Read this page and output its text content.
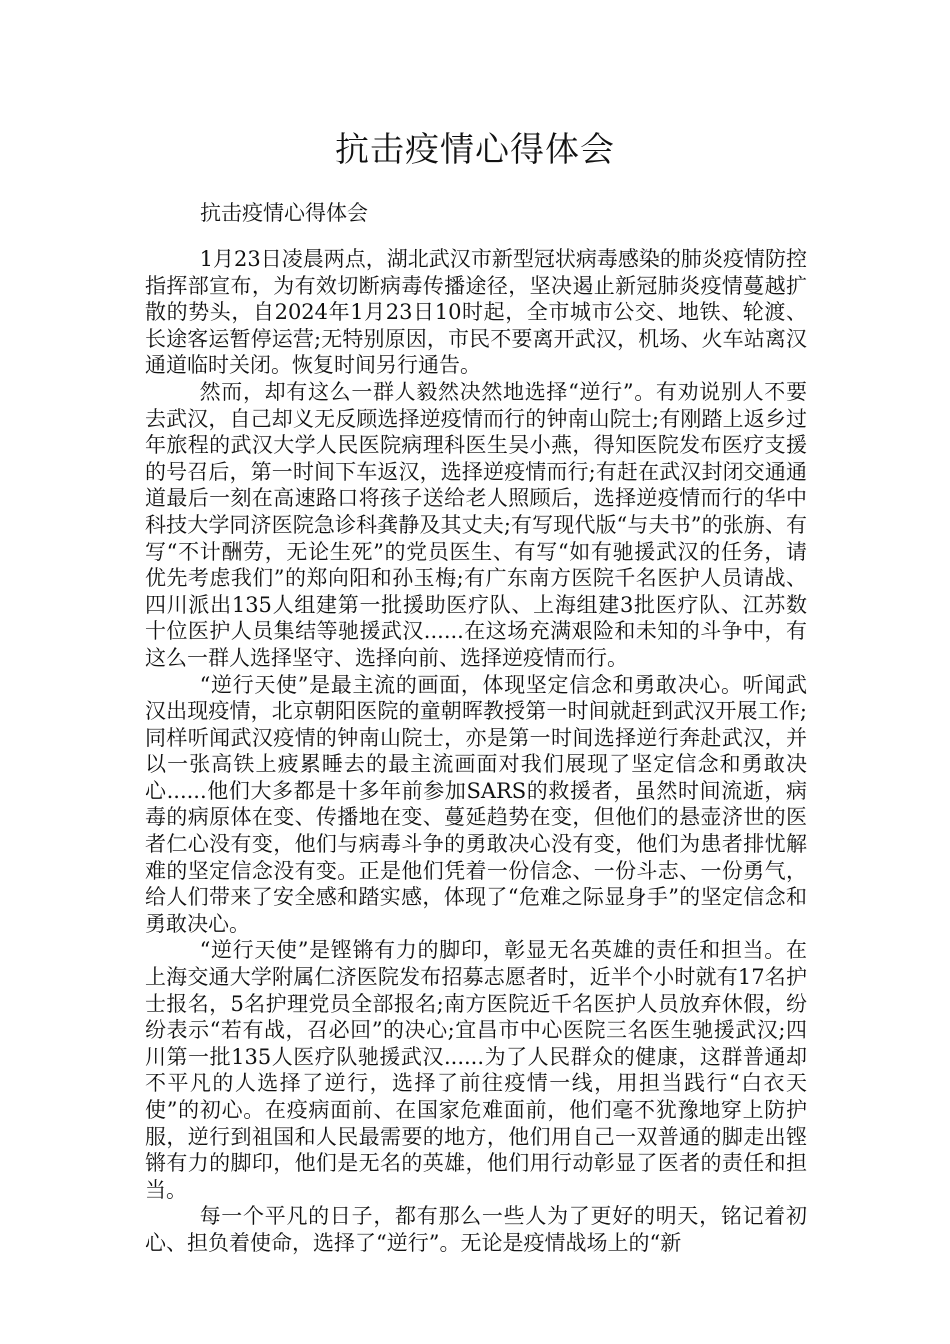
抗击疫情心得体会

抗击疫情心得体会

1月23日凌晨两点，湖北武汉市新型冠状病毒感染的肺炎疫情防控指挥部宣布，为有效切断病毒传播途径，坚决遏止新冠肺炎疫情蔓越扩散的势头，自2024年1月23日10时起，全市城市公交、地铁、轮渡、长途客运暂停运营;无特别原因，市民不要离开武汉，机场、火车站离汉通道临时关闭。恢复时间另行通告。

然而，却有这么一群人毅然决然地选择“逆行”。有劝说别人不要去武汉，自己却义无反顾选择逆疫情而行的钟南山院士;有刚踏上返乡过年旅程的武汉大学人民医院病理科医生吴小燕，得知医院发布医疗支援的号召后，第一时间下车返汉，选择逆疫情而行;有赶在武汉封闭交通通道最后一刻在高速路口将孩子送给老人照顾后，选择逆疫情而行的华中科技大学同济医院急诊科龚静及其丈夫;有写现代版“与夫书”的张旃、有写“不计酬劳，无论生死”的党员医生、有写“如有驰援武汉的任务，请优先考虑我们”的郑向阳和孙玉梅;有广东南方医院千名医护人员请战、四川派出135人组建第一批援助医疗队、上海组建3批医疗队、江苏数十位医护人员集结等驰援武汉......在这场充满艰险和未知的斗争中，有这么一群人选择坚守、选择向前、选择逆疫情而行。

“逆行天使”是最主流的画面，体现坚定信念和勇敢决心。听闻武汉出现疫情，北京朝阳医院的童朝晖教授第一时间就赶到武汉开展工作;同样听闻武汉疫情的钟南山院士，亦是第一时间选择逆行奔赴武汉，并以一张高铁上疲累睡去的最主流画面对我们展现了坚定信念和勇敢决心......他们大多都是十多年前参加SARS的救援者，虽然时间流逝，病毒的病原体在变、传播地在变、蔓延趋势在变，但他们的悬壶济世的医者仁心没有变，他们与病毒斗争的勇敢决心没有变，他们为患者排忧解难的坚定信念没有变。正是他们凭着一份信念、一份斗志、一份勇气，给人们带来了安全感和踏实感，体现了“危难之际显身手”的坚定信念和勇敢决心。

“逆行天使”是铿锵有力的脚印，彰显无名英雄的责任和担当。在上海交通大学附属仁济医院发布招募志愿者时，近半个小时就有17名护士报名，5名护理党员全部报名;南方医院近千名医护人员放弃休假，纷纷表示“若有战，召必回”的决心;宜昌市中心医院三名医生驰援武汉;四川第一批135人医疗队驰援武汉......为了人民群众的健康，这群普通却不平凡的人选择了逆行，选择了前往疫情一线，用担当践行“白衣天使”的初心。在疫病面前、在国家危难面前，他们毫不犹豫地穿上防护服，逆行到祖国和人民最需要的地方，他们用自己一双普通的脚走出铿锵有力的脚印，他们是无名的英雄，他们用行动彰显了医者的责任和担当。

每一个平凡的日子，都有那么一些人为了更好的明天，铭记着初心、担负着使命，选择了“逆行”。无论是疫情战场上的“新
